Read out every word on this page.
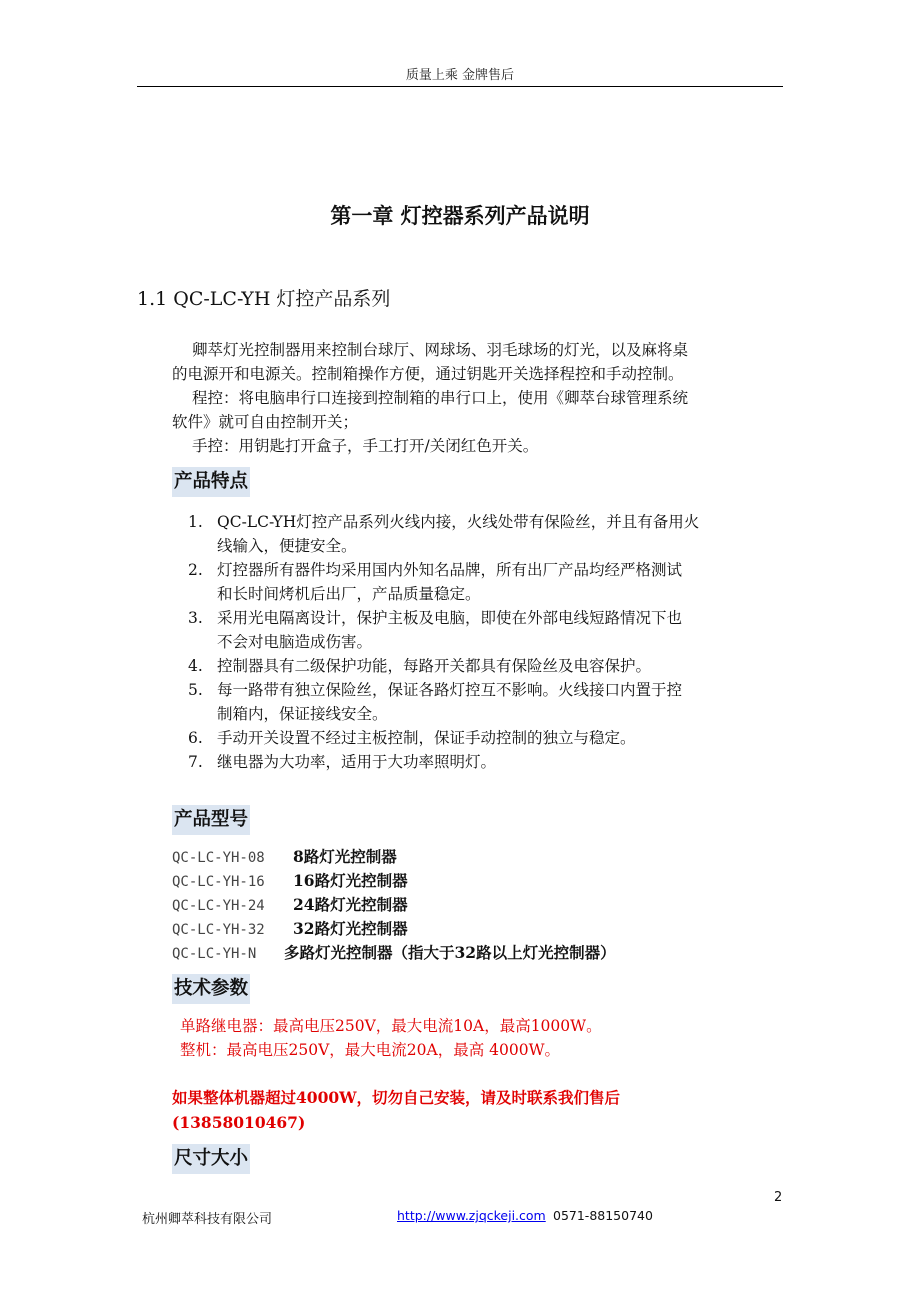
质量上乘 金牌售后
第一章 灯控器系列产品说明
1.1 QC-LC-YH 灯控产品系列
卿萃灯光控制器用来控制台球厅、网球场、羽毛球场的灯光，以及麻将桌
的电源开和电源关。控制箱操作方便，通过钥匙开关选择程控和手动控制。
程控：将电脑串行口连接到控制箱的串行口上，使用《卿萃台球管理系统
软件》就可自由控制开关；
手控：用钥匙打开盒子，手工打开/关闭红色开关。
产品特点
1. QC-LC-YH灯控产品系列火线内接，火线处带有保险丝，并且有备用火
线输入，便捷安全。
2. 灯控器所有器件均采用国内外知名品牌，所有出厂产品均经严格测试
和长时间烤机后出厂，产品质量稳定。
3. 采用光电隔离设计，保护主板及电脑，即使在外部电线短路情况下也
不会对电脑造成伤害。
4. 控制器具有二级保护功能，每路开关都具有保险丝及电容保护。
5. 每一路带有独立保险丝，保证各路灯控互不影响。火线接口内置于控
制箱内，保证接线安全。
6. 手动开关设置不经过主板控制，保证手动控制的独立与稳定。
7. 继电器为大功率，适用于大功率照明灯。
产品型号
QC-LC-YH-08 8路灯光控制器
QC-LC-YH-16 16路灯光控制器
QC-LC-YH-24 24路灯光控制器
QC-LC-YH-32 32路灯光控制器
QC-LC-YH-N 多路灯光控制器（指大于32路以上灯光控制器）
技术参数
单路继电器：最高电压250V，最大电流10A，最高1000W。
整机：最高电压250V，最大电流20A，最高 4000W。
如果整体机器超过4000W，切勿自己安装，请及时联系我们售后
(13858010467)
尺寸大小
2
杭州卿萃科技有限公司	http://www.zjqckeji.com 0571-88150740
